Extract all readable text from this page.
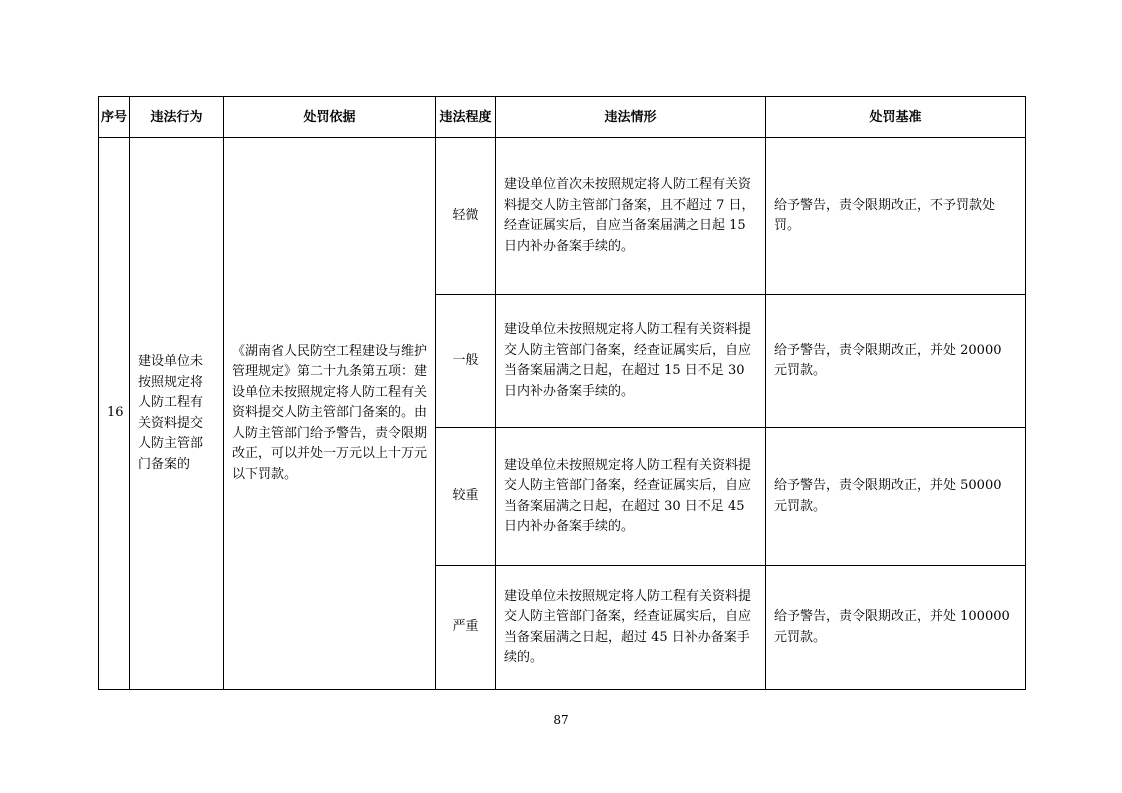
序号	违法行为	处罚依据	违法程度	违法情形	处罚基准
16	建设单位未按照规定将人防工程有关资料提交人防主管部门备案的	《湖南省人民防空工程建设与维护管理规定》第二十九条第五项：建设单位未按照规定将人防工程有关资料提交人防主管部门备案的。由人防主管部门给予警告，责令限期改正，可以并处一万元以上十万元以下罚款。	轻微	建设单位首次未按照规定将人防工程有关资料提交人防主管部门备案，且不超过 7 日，经查证属实后，自应当备案届满之日起 15 日内补办备案手续的。	给予警告，责令限期改正，不予罚款处罚。
			一般	建设单位未按照规定将人防工程有关资料提交人防主管部门备案，经查证属实后，自应当备案届满之日起，在超过 15 日不足 30 日内补办备案手续的。	给予警告，责令限期改正，并处 20000 元罚款。
			较重	建设单位未按照规定将人防工程有关资料提交人防主管部门备案，经查证属实后，自应当备案届满之日起，在超过 30 日不足 45 日内补办备案手续的。	给予警告，责令限期改正，并处 50000 元罚款。
			严重	建设单位未按照规定将人防工程有关资料提交人防主管部门备案，经查证属实后，自应当备案届满之日起，超过 45 日补办备案手续的。	给予警告，责令限期改正，并处 100000 元罚款。
87
